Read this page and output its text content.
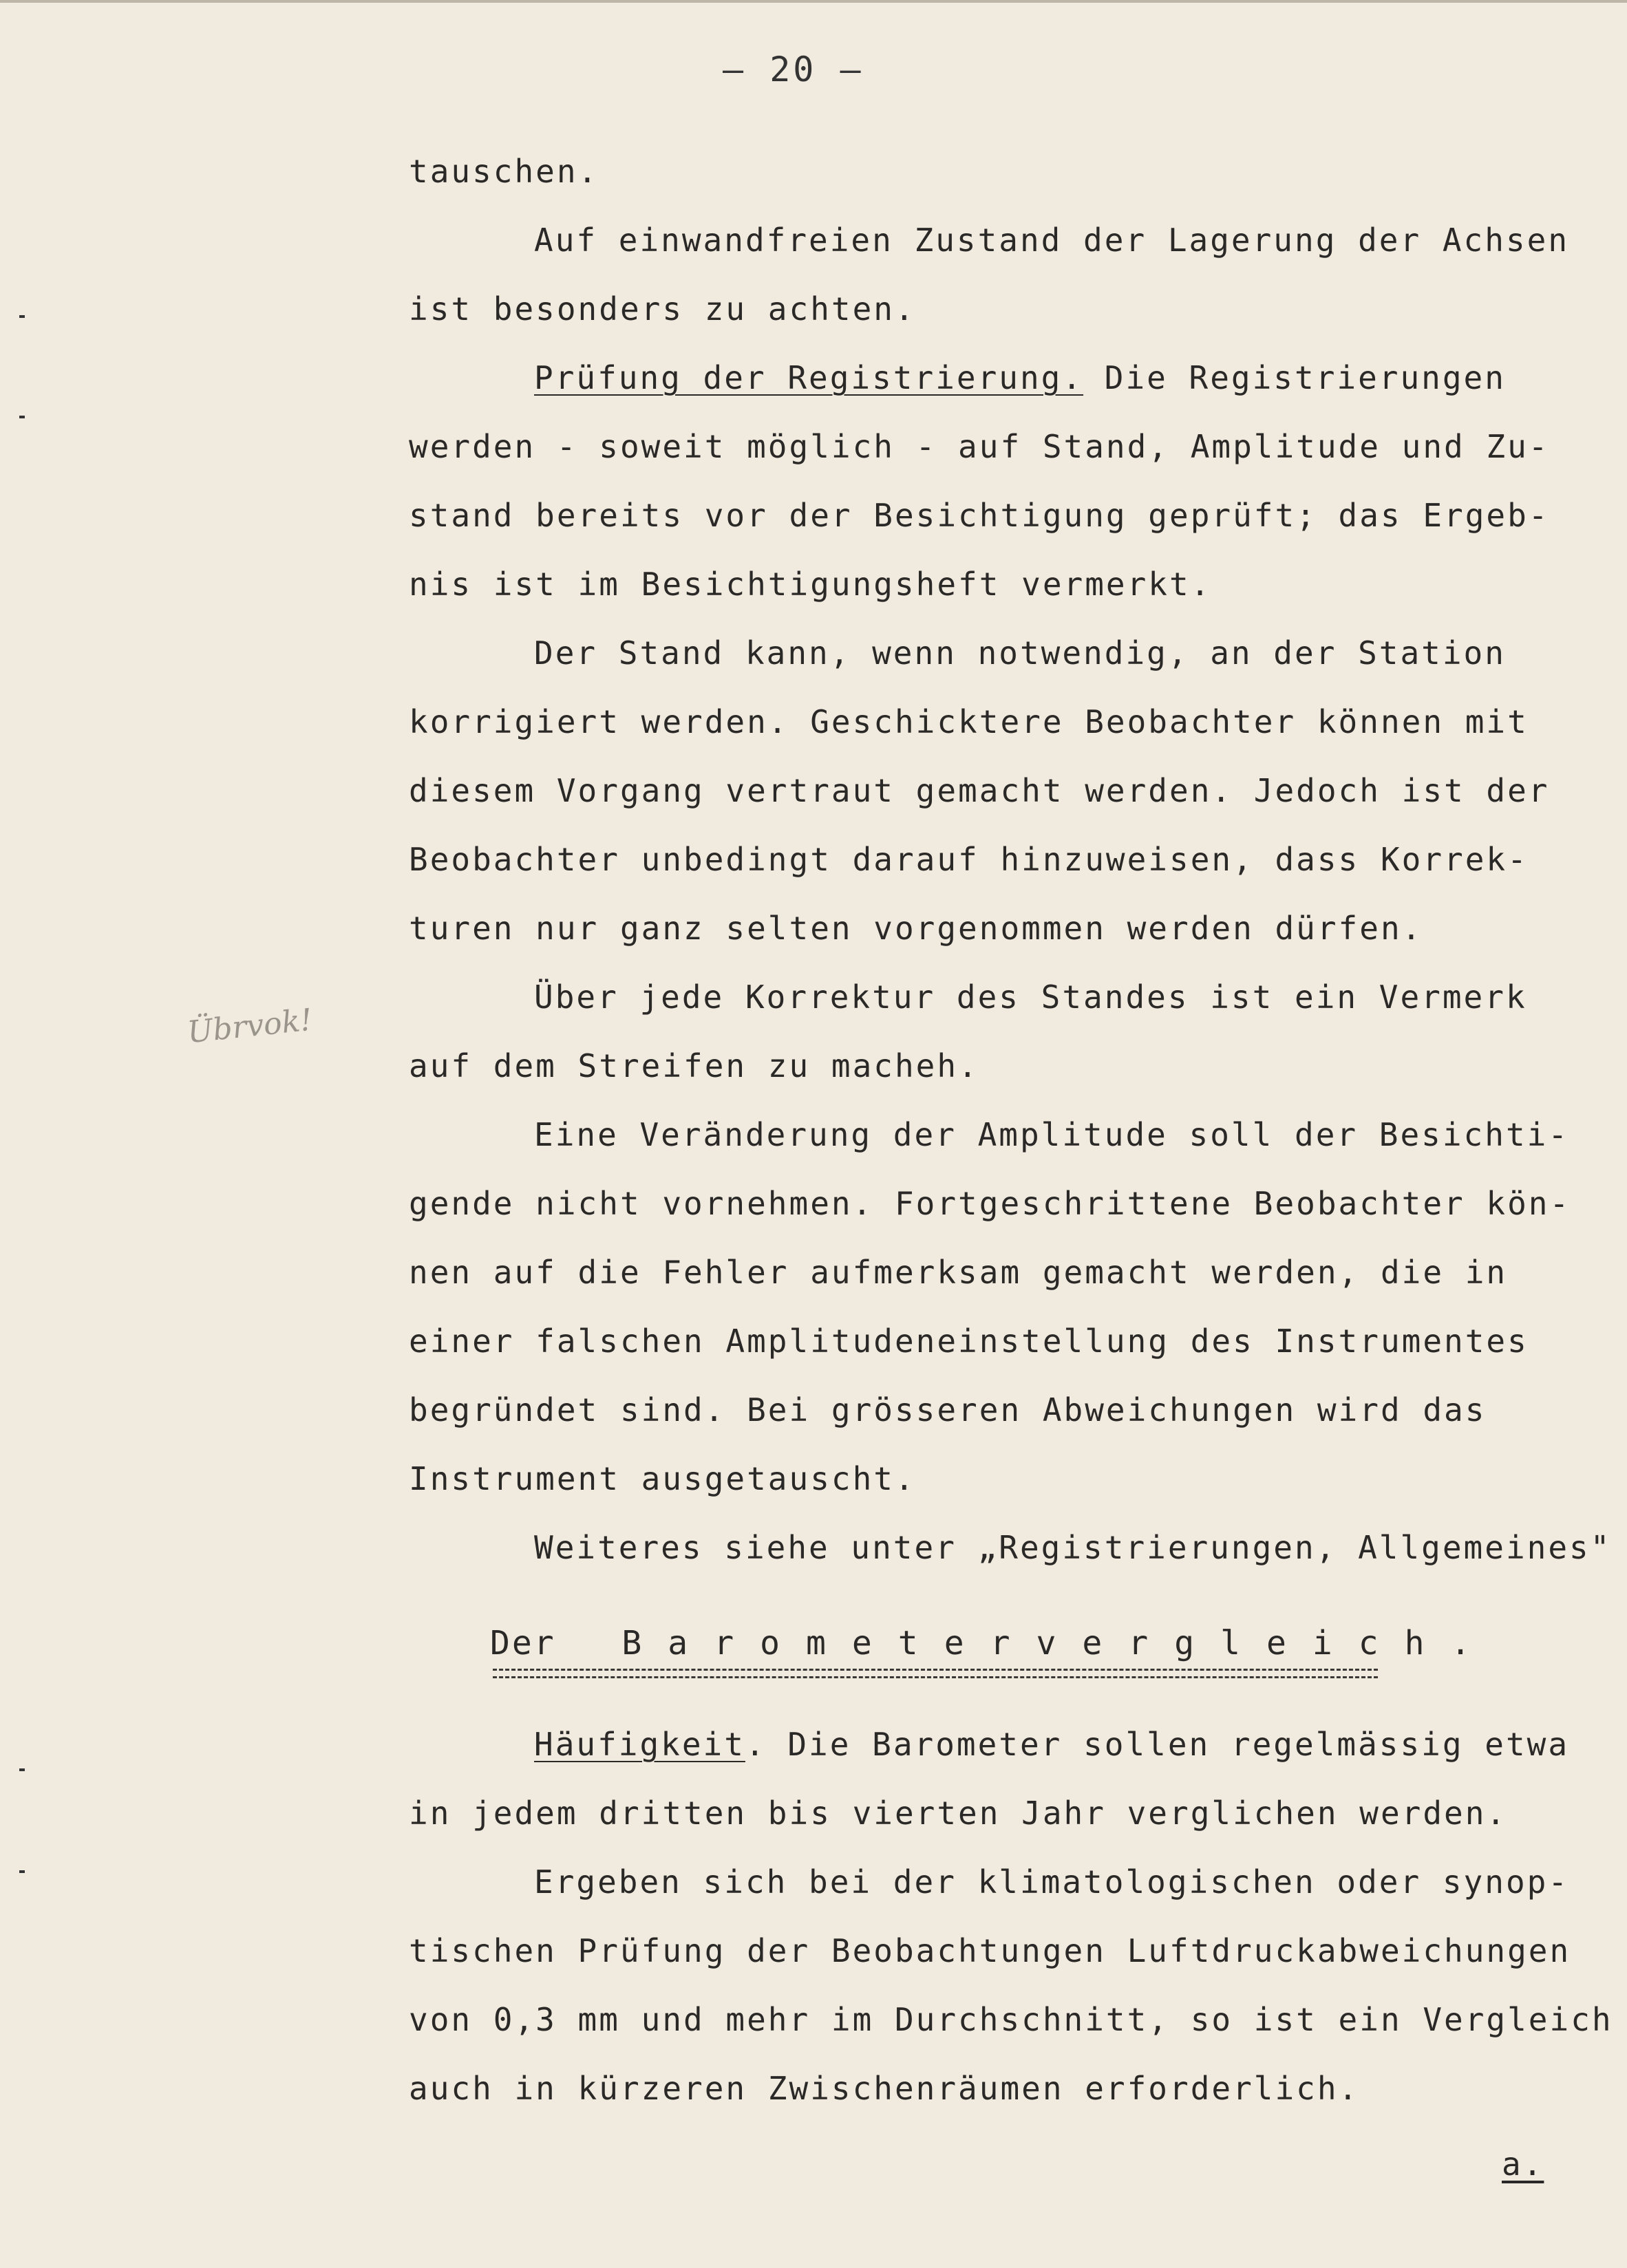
– 20 –
tauschen.
Auf einwandfreien Zustand der Lagerung der Achsen
ist besonders zu achten.
Prüfung der Registrierung. Die Registrierungen
werden - soweit möglich - auf Stand, Amplitude und Zu-
stand bereits vor der Besichtigung geprüft; das Ergeb-
nis ist im Besichtigungsheft vermerkt.
Der Stand kann, wenn notwendig, an der Station
korrigiert werden. Geschicktere Beobachter können mit
diesem Vorgang vertraut gemacht werden. Jedoch ist der
Beobachter unbedingt darauf hinzuweisen, dass Korrek-
turen nur ganz selten vorgenommen werden dürfen.
Über jede Korrektur des Standes ist ein Vermerk
auf dem Streifen zu macheh.
Eine Veränderung der Amplitude soll der Besichti-
gende nicht vornehmen. Fortgeschrittene Beobachter kön-
nen auf die Fehler aufmerksam gemacht werden, die in
einer falschen Amplitudeneinstellung des Instrumentes
begründet sind. Bei grösseren Abweichungen wird das
Instrument ausgetauscht.
Weiteres siehe unter „Registrierungen, Allgemeines"
Der Barometervergleich.
Häufigkeit. Die Barometer sollen regelmässig etwa
in jedem dritten bis vierten Jahr verglichen werden.
Ergeben sich bei der klimatologischen oder synop-
tischen Prüfung der Beobachtungen Luftdruckabweichungen
von 0,3 mm und mehr im Durchschnitt, so ist ein Vergleich
auch in kürzeren Zwischenräumen erforderlich.
a.
Übrvok!
